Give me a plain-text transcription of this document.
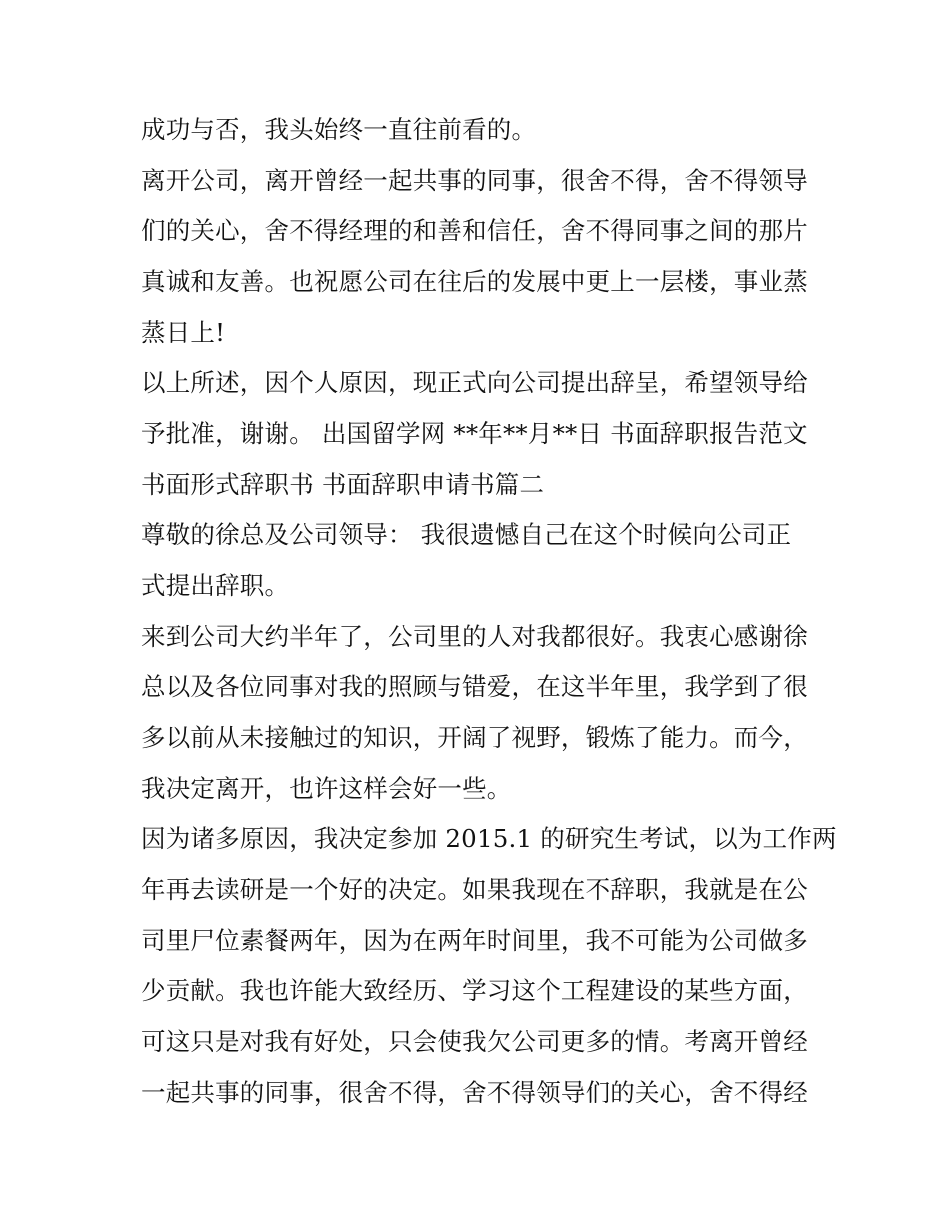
成功与否，我头始终一直往前看的。

离开公司，离开曾经一起共事的同事，很舍不得，舍不得领导

们的关心，舍不得经理的和善和信任，舍不得同事之间的那片

真诚和友善。也祝愿公司在往后的发展中更上一层楼，事业蒸

蒸日上!

以上所述，因个人原因，现正式向公司提出辞呈，希望领导给

予批准，谢谢。 出国留学网 **年**月**日 书面辞职报告范文

书面形式辞职书 书面辞职申请书篇二

尊敬的徐总及公司领导： 我很遗憾自己在这个时候向公司正

式提出辞职。

来到公司大约半年了，公司里的人对我都很好。我衷心感谢徐

总以及各位同事对我的照顾与错爱，在这半年里，我学到了很

多以前从未接触过的知识，开阔了视野，锻炼了能力。而今，

我决定离开，也许这样会好一些。

因为诸多原因，我决定参加 2015.1 的研究生考试，以为工作两

年再去读研是一个好的决定。如果我现在不辞职，我就是在公

司里尸位素餐两年，因为在两年时间里，我不可能为公司做多

少贡献。我也许能大致经历、学习这个工程建设的某些方面，

可这只是对我有好处，只会使我欠公司更多的情。考离开曾经

一起共事的同事，很舍不得，舍不得领导们的关心，舍不得经
